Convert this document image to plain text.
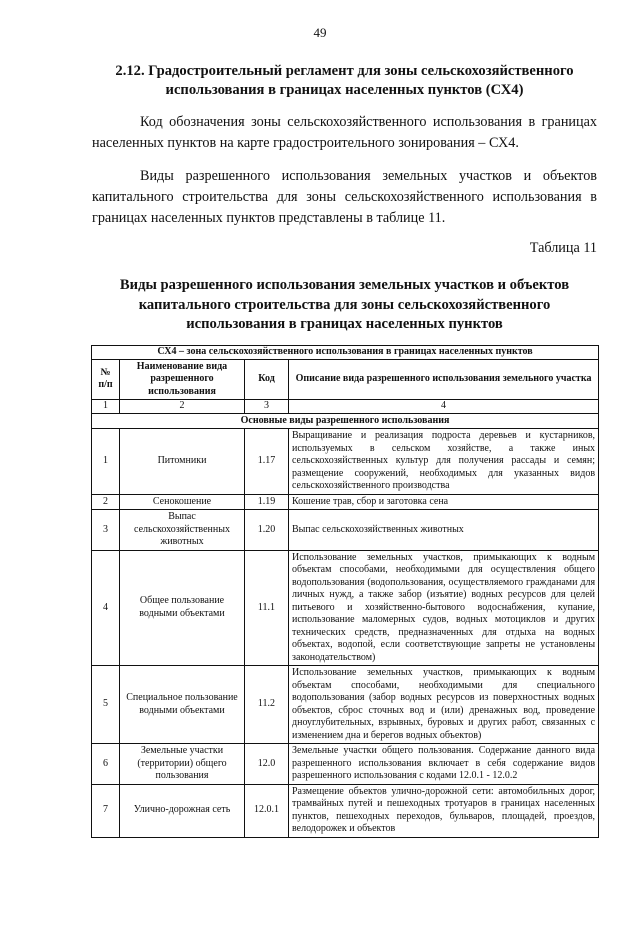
49
2.12. Градостроительный регламент для зоны сельскохозяйственного использования в границах населенных пунктов (СХ4)
Код обозначения зоны сельскохозяйственного использования в границах населенных пунктов на карте градостроительного зонирования – СХ4.
Виды разрешенного использования земельных участков и объектов капитального строительства для зоны сельскохозяйственного использования в границах населенных пунктов представлены в таблице 11.
Таблица 11
Виды разрешенного использования земельных участков и объектов капитального строительства для зоны сельскохозяйственного использования в границах населенных пунктов
СХ4 – зона сельскохозяйственного использования в границах населенных пунктов			
№ п/п	Наименование вида разрешенного использования	Код	Описание вида разрешенного использования земельного участка
1	2	3	4
Основные виды разрешенного использования			
1	Питомники	1.17	Выращивание и реализация подроста деревьев и кустарников, используемых в сельском хозяйстве, а также иных сельскохозяйственных культур для получения рассады и семян; размещение сооружений, необходимых для указанных видов сельскохозяйственного производства
2	Сенокошение	1.19	Кошение трав, сбор и заготовка сена
3	Выпас сельскохозяйственных животных	1.20	Выпас сельскохозяйственных животных
4	Общее пользование водными объектами	11.1	Использование земельных участков, примыкающих к водным объектам способами, необходимыми для осуществления общего водопользования (водопользования, осуществляемого гражданами для личных нужд, а также забор (изъятие) водных ресурсов для целей питьевого и хозяйственно-бытового водоснабжения, купание, использование маломерных судов, водных мотоциклов и других технических средств, предназначенных для отдыха на водных объектах, водопой, если соответствующие запреты не установлены законодательством)
5	Специальное пользование водными объектами	11.2	Использование земельных участков, примыкающих к водным объектам способами, необходимыми для специального водопользования (забор водных ресурсов из поверхностных водных объектов, сброс сточных вод и (или) дренажных вод, проведение дноуглубительных, взрывных, буровых и других работ, связанных с изменением дна и берегов водных объектов)
6	Земельные участки (территории) общего пользования	12.0	Земельные участки общего пользования. Содержание данного вида разрешенного использования включает в себя содержание видов разрешенного использования с кодами 12.0.1 - 12.0.2
7	Улично-дорожная сеть	12.0.1	Размещение объектов улично-дорожной сети: автомобильных дорог, трамвайных путей и пешеходных тротуаров в границах населенных пунктов, пешеходных переходов, бульваров, площадей, проездов, велодорожек и объектов
